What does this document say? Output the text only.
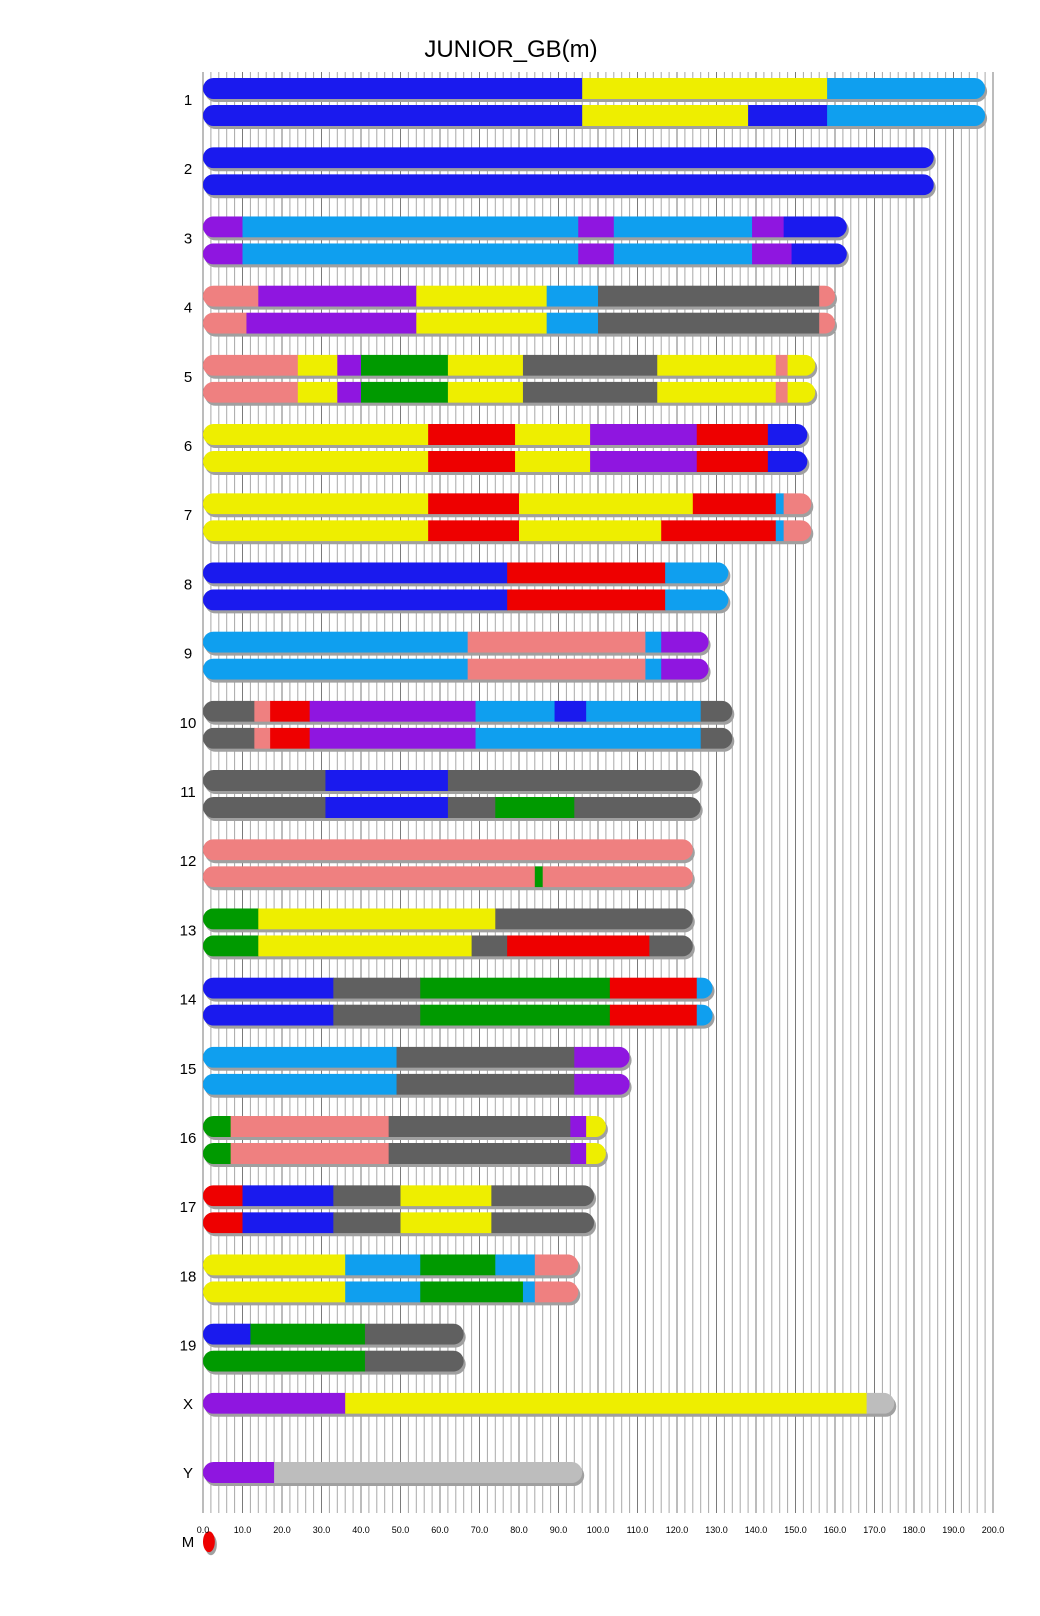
JUNIOR_GB(m)
1
2
3
4
5
6
7
8
9
10
11
12
13
14
15
16
17
18
19
X
Y
M
0.0	10.0 20.0 30.0 40.0 50.0 60.0 70.0 80.0 90.0 100.0 110.0 120.0 130.0 140.0 150.0 160.0 170.0 180.0 190.0 200.0
